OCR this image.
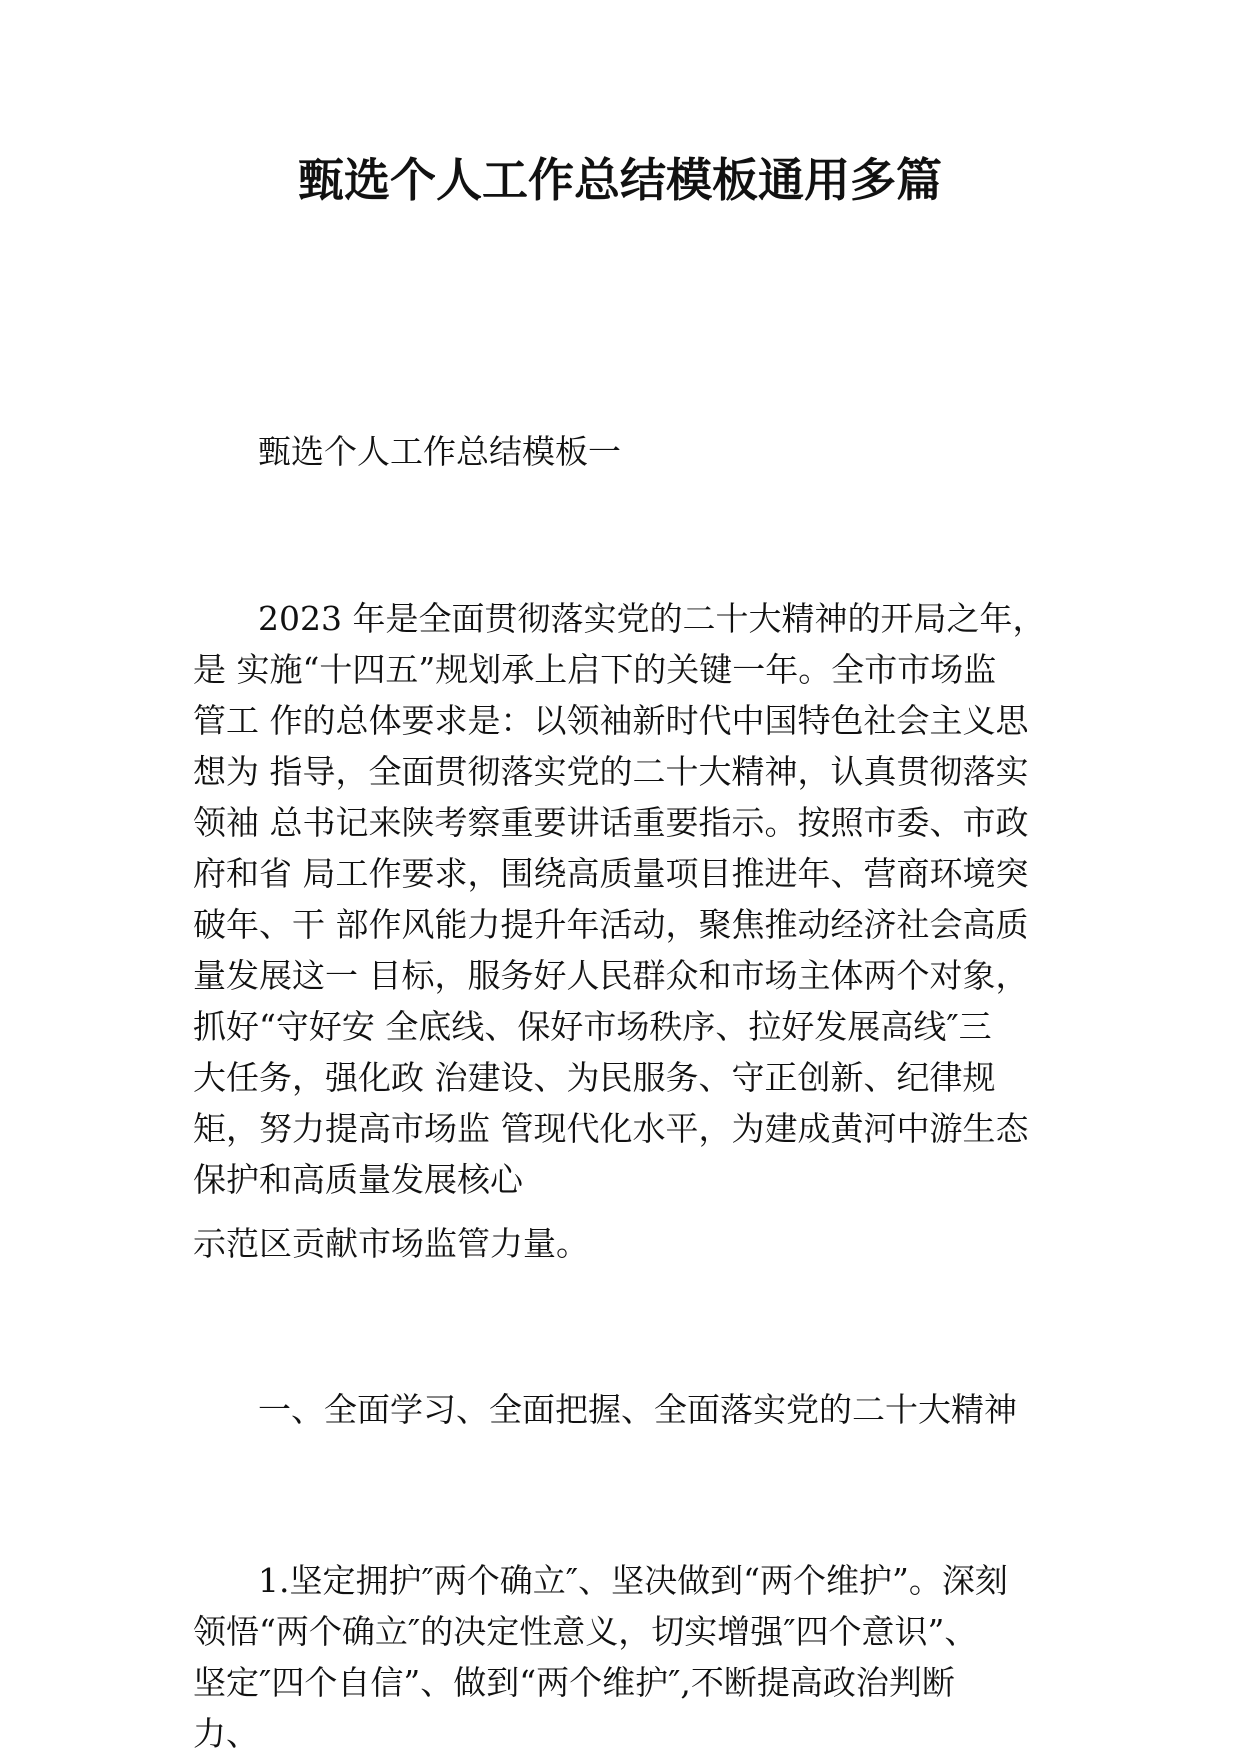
甄选个人工作总结模板通用多篇

甄选个人工作总结模板一

2023 年是全面贯彻落实党的二十大精神的开局之年，

是 实施“十四五”规划承上启下的关键一年。全市市场监

管工 作的总体要求是：以领袖新时代中国特色社会主义思

想为 指导，全面贯彻落实党的二十大精神，认真贯彻落实

领袖 总书记来陕考察重要讲话重要指示。按照市委、市政

府和省 局工作要求，围绕高质量项目推进年、营商环境突

破年、干 部作风能力提升年活动，聚焦推动经济社会高质

量发展这一 目标，服务好人民群众和市场主体两个对象，

抓好“守好安 全底线、保好市场秩序、拉好发展高线″三

大任务，强化政 治建设、为民服务、守正创新、纪律规

矩，努力提高市场监 管现代化水平，为建成黄河中游生态

保护和高质量发展核心

示范区贡献市场监管力量。

一、全面学习、全面把握、全面落实党的二十大精神

1.坚定拥护″两个确立″、坚决做到“两个维护”。深刻

领悟“两个确立″的决定性意义，切实增强″四个意识”、

坚定″四个自信”、做到“两个维护″,不断提高政治判断

力、
